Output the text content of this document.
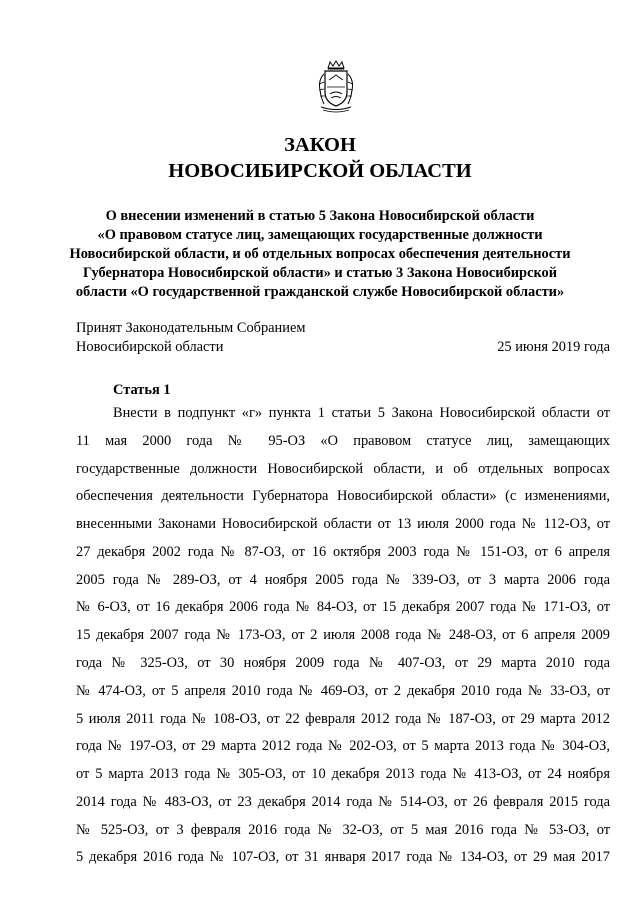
ЗАКОН
НОВОСИБИРСКОЙ ОБЛАСТИ
О внесении изменений в статью 5 Закона Новосибирской области
«О правовом статусе лиц, замещающих государственные должности
Новосибирской области, и об отдельных вопросах обеспечения деятельности
Губернатора Новосибирской области» и статью 3 Закона Новосибирской
области «О государственной гражданской службе Новосибирской области»
Принят Законодательным Собранием
Новосибирской области	25 июня 2019 года
Статья 1
Внести в подпункт «г» пункта 1 статьи 5 Закона Новосибирской области от
11 мая 2000 года № 95-ОЗ «О правовом статусе лиц, замещающих
государственные должности Новосибирской области, и об отдельных вопросах
обеспечения деятельности Губернатора Новосибирской области» (с изменениями,
внесенными Законами Новосибирской области от 13 июля 2000 года № 112-ОЗ, от
27 декабря 2002 года № 87-ОЗ, от 16 октября 2003 года № 151-ОЗ, от 6 апреля
2005 года № 289-ОЗ, от 4 ноября 2005 года № 339-ОЗ, от 3 марта 2006 года
№ 6-ОЗ, от 16 декабря 2006 года № 84-ОЗ, от 15 декабря 2007 года № 171-ОЗ, от
15 декабря 2007 года № 173-ОЗ, от 2 июля 2008 года № 248-ОЗ, от 6 апреля 2009
года № 325-ОЗ, от 30 ноября 2009 года № 407-ОЗ, от 29 марта 2010 года
№ 474-ОЗ, от 5 апреля 2010 года № 469-ОЗ, от 2 декабря 2010 года № 33-ОЗ, от
5 июля 2011 года № 108-ОЗ, от 22 февраля 2012 года № 187-ОЗ, от 29 марта 2012
года № 197-ОЗ, от 29 марта 2012 года № 202-ОЗ, от 5 марта 2013 года № 304-ОЗ,
от 5 марта 2013 года № 305-ОЗ, от 10 декабря 2013 года № 413-ОЗ, от 24 ноября
2014 года № 483-ОЗ, от 23 декабря 2014 года № 514-ОЗ, от 26 февраля 2015 года
№ 525-ОЗ, от 3 февраля 2016 года № 32-ОЗ, от 5 мая 2016 года № 53-ОЗ, от
5 декабря 2016 года № 107-ОЗ, от 31 января 2017 года № 134-ОЗ, от 29 мая 2017
